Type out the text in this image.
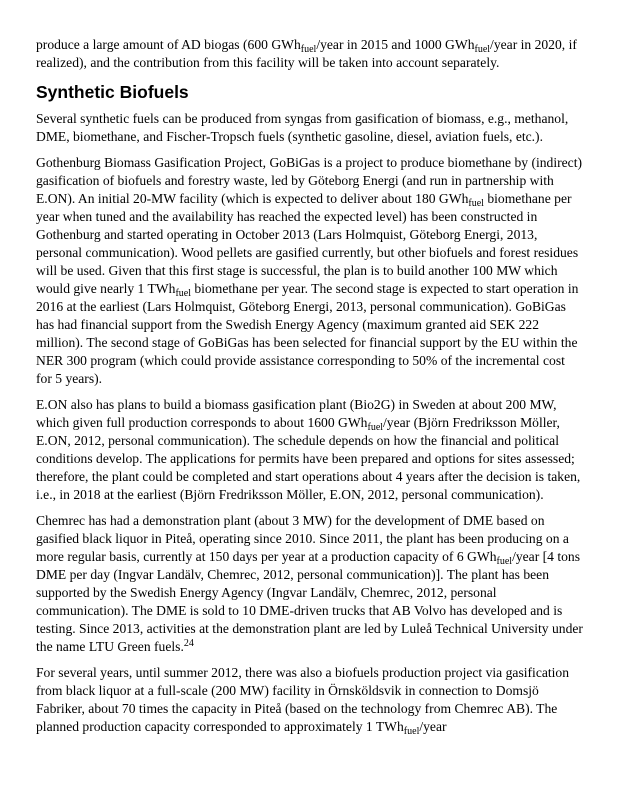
produce a large amount of AD biogas (600 GWh$_{fuel}$/year in 2015 and 1000 GWh$_{fuel}$/year in 2020, if realized), and the contribution from this facility will be taken into account separately.

Synthetic Biofuels

Several synthetic fuels can be produced from syngas from gasification of biomass, e.g., methanol, DME, biomethane, and Fischer-Tropsch fuels (synthetic gasoline, diesel, aviation fuels, etc.).

Gothenburg Biomass Gasification Project, GoBiGas is a project to produce biomethane by (indirect) gasification of biofuels and forestry waste, led by Göteborg Energi (and run in partnership with E.ON). An initial 20-MW facility (which is expected to deliver about 180 GWh$_{fuel}$ biomethane per year when tuned and the availability has reached the expected level) has been constructed in Gothenburg and started operating in October 2013 (Lars Holmquist, Göteborg Energi, 2013, personal communication). Wood pellets are gasified currently, but other biofuels and forest residues will be used. Given that this first stage is successful, the plan is to build another 100 MW which would give nearly 1 TWh$_{fuel}$ biomethane per year. The second stage is expected to start operation in 2016 at the earliest (Lars Holmquist, Göteborg Energi, 2013, personal communication). GoBiGas has had financial support from the Swedish Energy Agency (maximum granted aid SEK 222 million). The second stage of GoBiGas has been selected for financial support by the EU within the NER 300 program (which could provide assistance corresponding to 50% of the incremental cost for 5 years).

E.ON also has plans to build a biomass gasification plant (Bio2G) in Sweden at about 200 MW, which given full production corresponds to about 1600 GWh$_{fuel}$/year (Björn Fredriksson Möller, E.ON, 2012, personal communication). The schedule depends on how the financial and political conditions develop. The applications for permits have been prepared and options for sites assessed; therefore, the plant could be completed and start operations about 4 years after the decision is taken, i.e., in 2018 at the earliest (Björn Fredriksson Möller, E.ON, 2012, personal communication).

Chemrec has had a demonstration plant (about 3 MW) for the development of DME based on gasified black liquor in Piteå, operating since 2010. Since 2011, the plant has been producing on a more regular basis, currently at 150 days per year at a production capacity of 6 GWh$_{fuel}$/year [4 tons DME per day (Ingvar Landälv, Chemrec, 2012, personal communication)]. The plant has been supported by the Swedish Energy Agency (Ingvar Landälv, Chemrec, 2012, personal communication). The DME is sold to 10 DME-driven trucks that AB Volvo has developed and is testing. Since 2013, activities at the demonstration plant are led by Luleå Technical University under the name LTU Green fuels.$^{24}$

For several years, until summer 2012, there was also a biofuels production project via gasification from black liquor at a full-scale (200 MW) facility in Örnsköldsvik in connection to Domsjö Fabriker, about 70 times the capacity in Piteå (based on the technology from Chemrec AB). The planned production capacity corresponded to approximately 1 TWh$_{fuel}$/year
